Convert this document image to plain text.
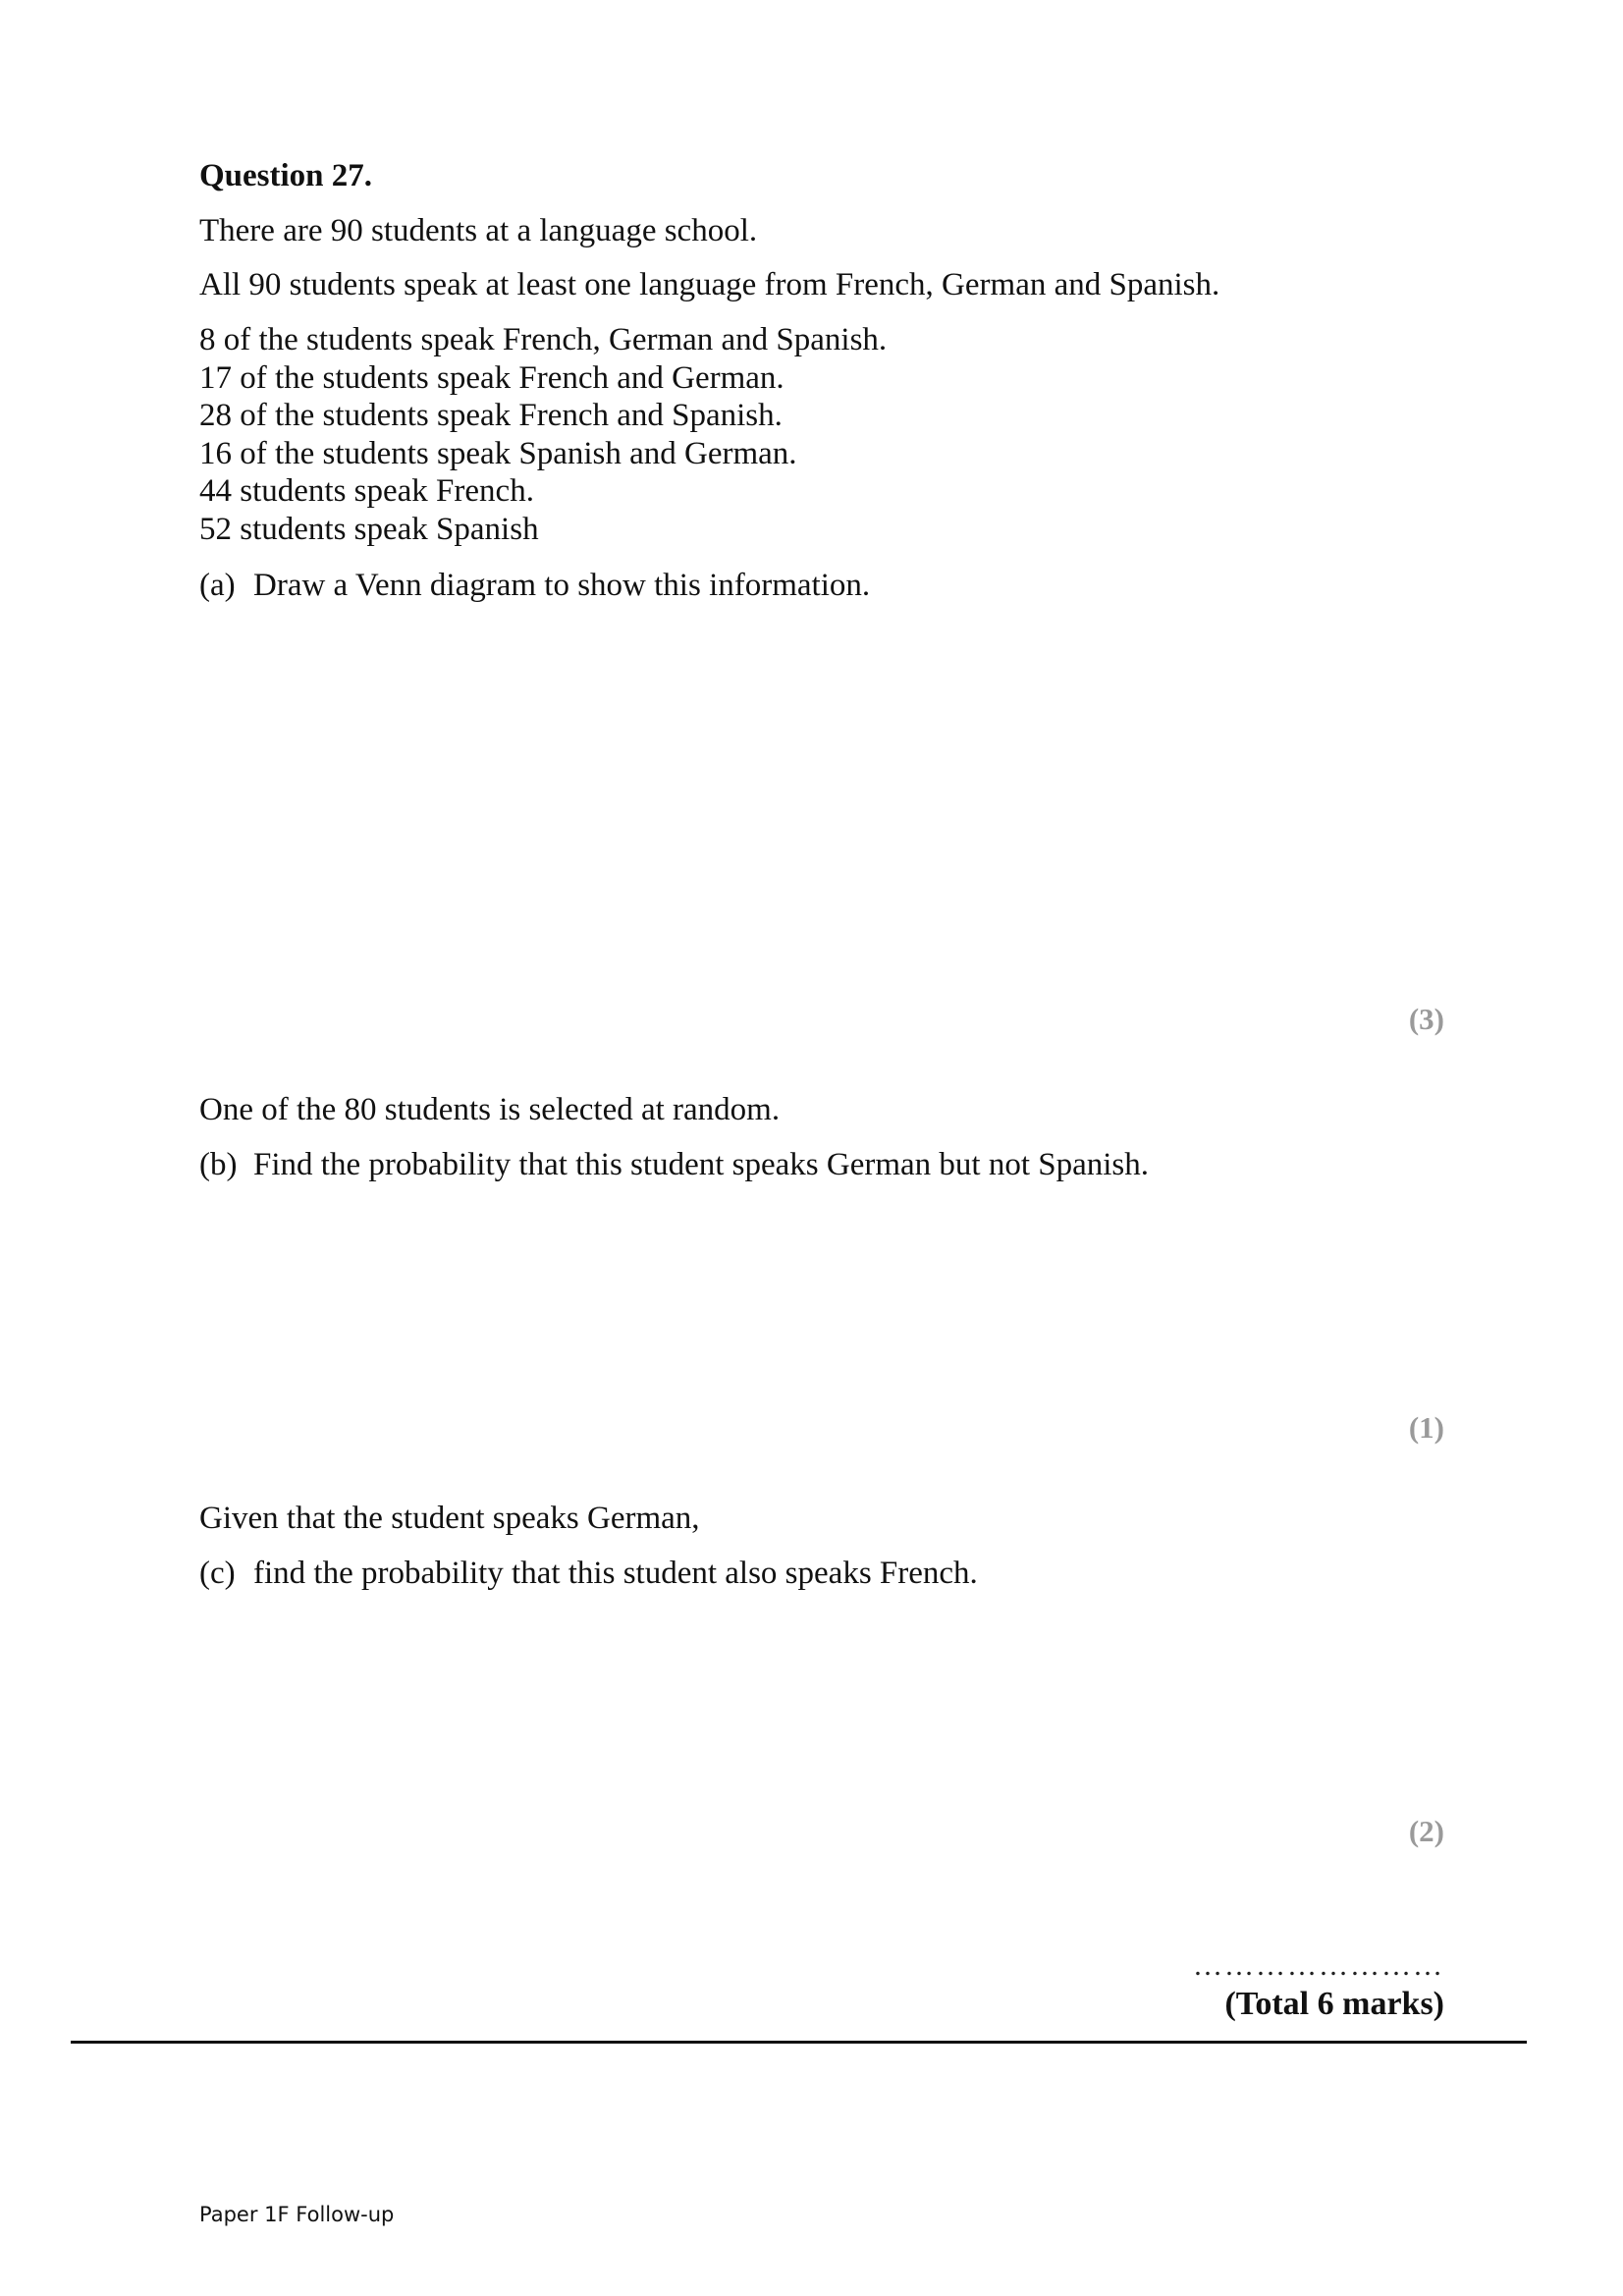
Question 27.
There are 90 students at a language school.
All 90 students speak at least one language from French, German and Spanish.
8 of the students speak French, German and Spanish.
17 of the students speak French and German.
28 of the students speak French and Spanish.
16 of the students speak Spanish and German.
44 students speak French.
52 students speak Spanish
(a) Draw a Venn diagram to show this information.
(3)
One of the 80 students is selected at random.
(b) Find the probability that this student speaks German but not Spanish.
(1)
Given that the student speaks German,
(c) find the probability that this student also speaks French.
(2)
……………………
(Total 6 marks)
Paper 1F Follow-up
